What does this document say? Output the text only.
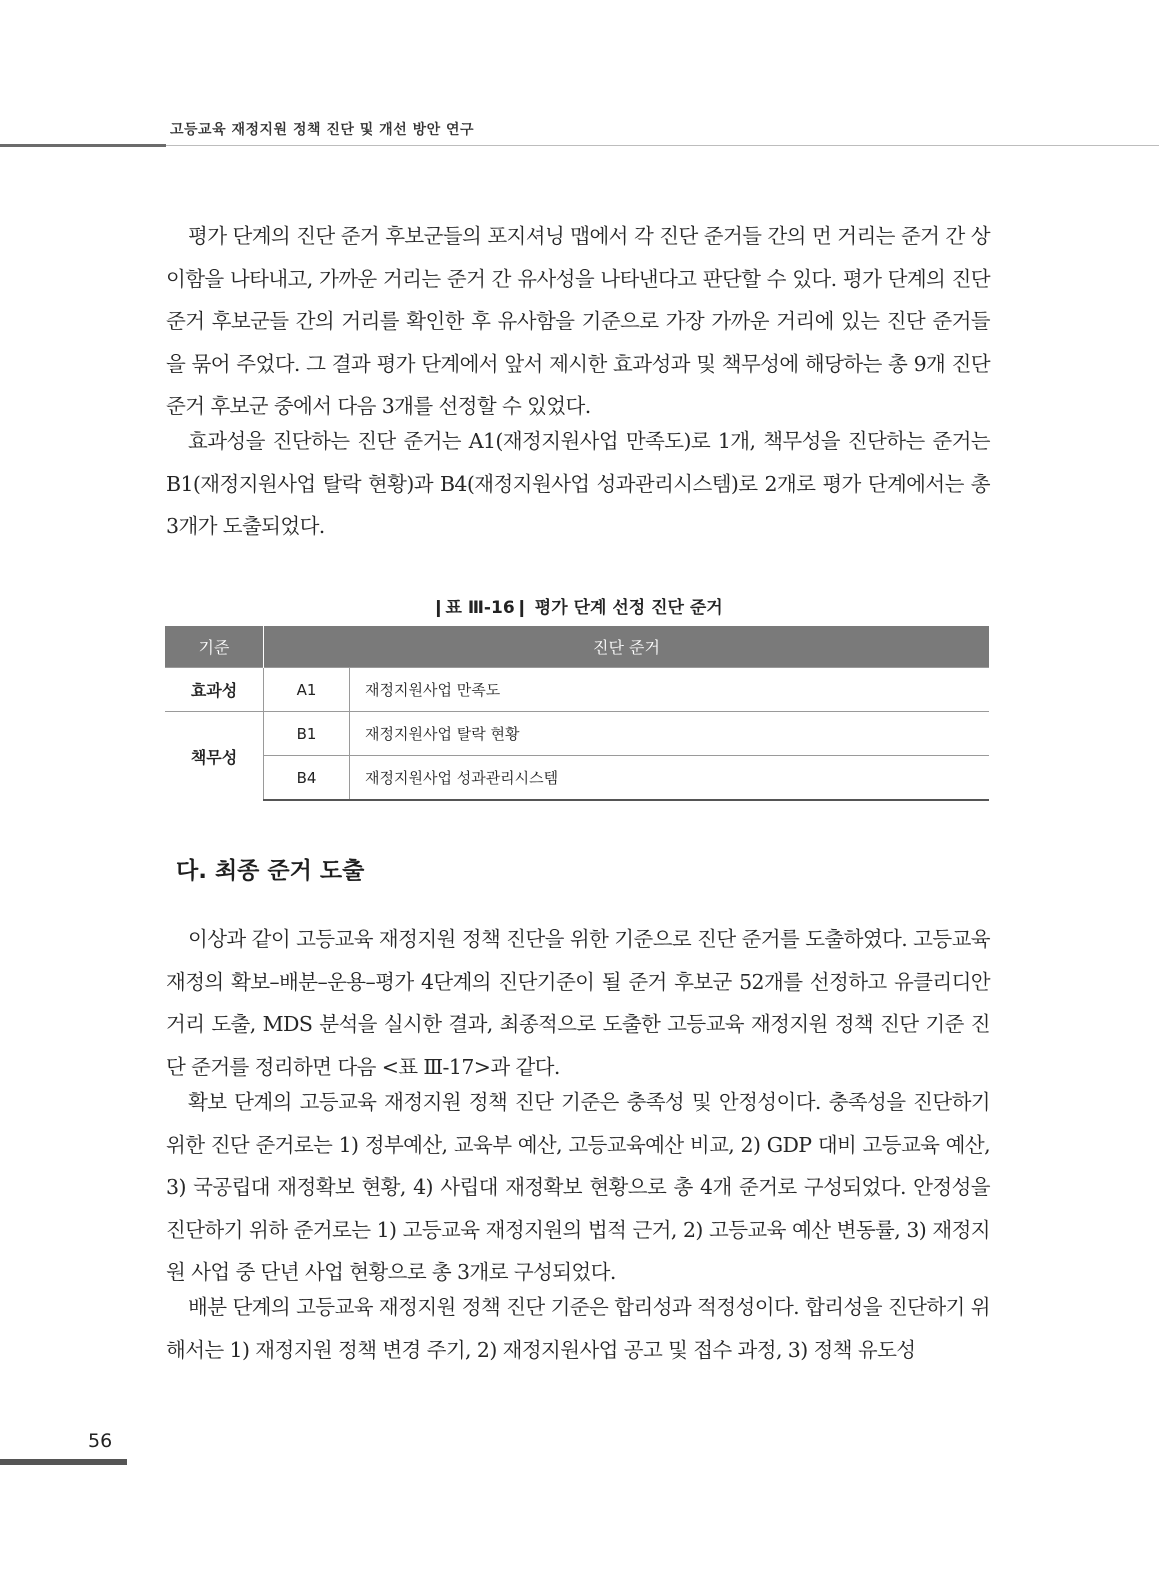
고등교육 재정지원 정책 진단 및 개선 방안 연구

평가 단계의 진단 준거 후보군들의 포지셔닝 맵에서 각 진단 준거들 간의 먼 거리는 준거 간 상이함을 나타내고, 가까운 거리는 준거 간 유사성을 나타낸다고 판단할 수 있다. 평가 단계의 진단 준거 후보군들 간의 거리를 확인한 후 유사함을 기준으로 가장 가까운 거리에 있는 진단 준거들을 묶어 주었다. 그 결과 평가 단계에서 앞서 제시한 효과성과 및 책무성에 해당하는 총 9개 진단 준거 후보군 중에서 다음 3개를 선정할 수 있었다.

효과성을 진단하는 진단 준거는 A1(재정지원사업 만족도)로 1개, 책무성을 진단하는 준거는 B1(재정지원사업 탈락 현황)과 B4(재정지원사업 성과관리시스템)로 2개로 평가 단계에서는 총 3개가 도출되었다.

❙표 Ⅲ-16❙ 평가 단계 선정 진단 준거
기준	진단 준거	
효과성	A1	재정지원사업 만족도
책무성	B1	재정지원사업 탈락 현황
	B4	재정지원사업 성과관리시스템
다. 최종 준거 도출

이상과 같이 고등교육 재정지원 정책 진단을 위한 기준으로 진단 준거를 도출하였다. 고등교육 재정의 확보–배분–운용–평가 4단계의 진단기준이 될 준거 후보군 52개를 선정하고 유클리디안 거리 도출, MDS 분석을 실시한 결과, 최종적으로 도출한 고등교육 재정지원 정책 진단 기준 진단 준거를 정리하면 다음 <표 Ⅲ-17>과 같다.

확보 단계의 고등교육 재정지원 정책 진단 기준은 충족성 및 안정성이다. 충족성을 진단하기 위한 진단 준거로는 1) 정부예산, 교육부 예산, 고등교육예산 비교, 2) GDP 대비 고등교육 예산, 3) 국공립대 재정확보 현황, 4) 사립대 재정확보 현황으로 총 4개 준거로 구성되었다. 안정성을 진단하기 위하 준거로는 1) 고등교육 재정지원의 법적 근거, 2) 고등교육 예산 변동률, 3) 재정지원 사업 중 단년 사업 현황으로 총 3개로 구성되었다.

배분 단계의 고등교육 재정지원 정책 진단 기준은 합리성과 적정성이다. 합리성을 진단하기 위해서는 1) 재정지원 정책 변경 주기, 2) 재정지원사업 공고 및 접수 과정, 3) 정책 유도성

56
